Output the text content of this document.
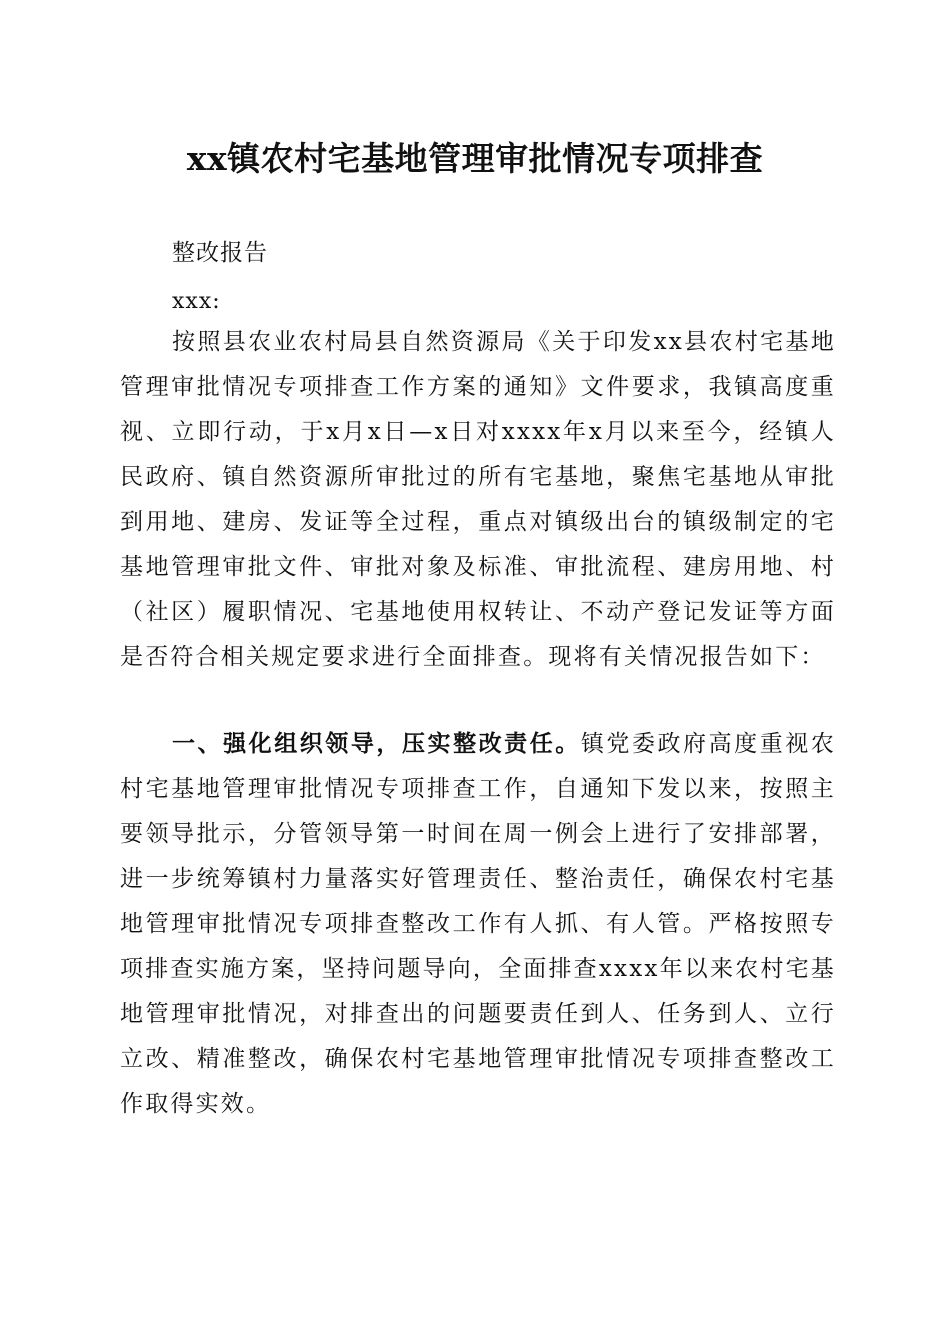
xx镇农村宅基地管理审批情况专项排查
整改报告
xxx:

按照县农业农村局县自然资源局《关于印发xx县农村宅基地管理审批情况专项排查工作方案的通知》文件要求，我镇高度重视、立即行动，于x月x日—x日对xxxx年x月以来至今，经镇人民政府、镇自然资源所审批过的所有宅基地，聚焦宅基地从审批到用地、建房、发证等全过程，重点对镇级出台的镇级制定的宅基地管理审批文件、审批对象及标准、审批流程、建房用地、村（社区）履职情况、宅基地使用权转让、不动产登记发证等方面是否符合相关规定要求进行全面排查。现将有关情况报告如下：

一、强化组织领导，压实整改责任。镇党委政府高度重视农村宅基地管理审批情况专项排查工作，自通知下发以来，按照主要领导批示，分管领导第一时间在周一例会上进行了安排部署，进一步统筹镇村力量落实好管理责任、整治责任，确保农村宅基地管理审批情况专项排查整改工作有人抓、有人管。严格按照专项排查实施方案，坚持问题导向，全面排查xxxx年以来农村宅基地管理审批情况，对排查出的问题要责任到人、任务到人、立行立改、精准整改，确保农村宅基地管理审批情况专项排查整改工作取得实效。
